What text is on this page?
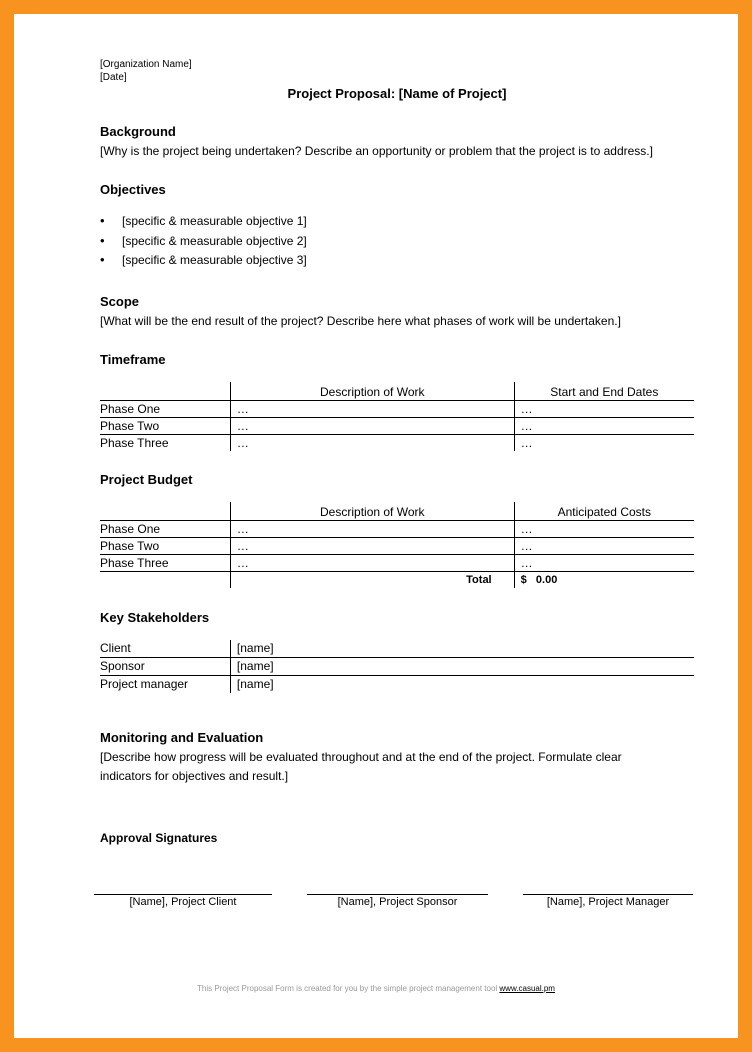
[Organization Name]
[Date]
Project Proposal: [Name of Project]
Background
[Why is the project being undertaken? Describe an opportunity or problem that the project is to address.]
Objectives
• [specific & measurable objective 1]
• [specific & measurable objective 2]
• [specific & measurable objective 3]
Scope
[What will be the end result of the project? Describe here what phases of work will be undertaken.]
Timeframe
	Description of Work	Start and End Dates
Phase One	…	…
Phase Two	…	…
Phase Three	…	…
Project Budget
	Description of Work	Anticipated Costs
Phase One	…	…
Phase Two	…	…
Phase Three	…	…
	Total	$   0.00
Key Stakeholders
Client	[name]
Sponsor	[name]
Project manager	[name]
Monitoring and Evaluation
[Describe how progress will be evaluated throughout and at the end of the project. Formulate clear indicators for objectives and result.]
Approval Signatures
[Name], Project Client	[Name], Project Sponsor	[Name], Project Manager
This Project Proposal Form is created for you by the simple project management tool www.casual.pm
